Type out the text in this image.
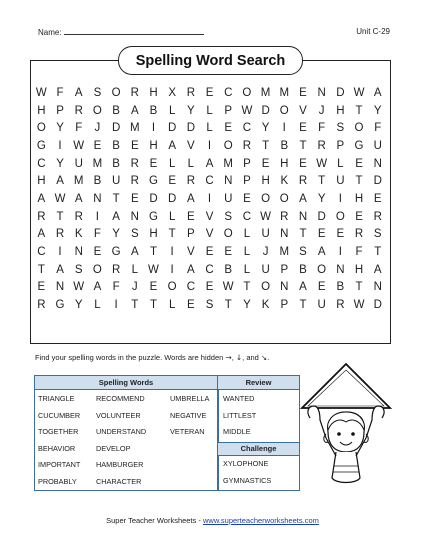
Name:	Unit C-29
Spelling Word Search
W F A S O R H X R E C O M M E N D W A
H P R O B A B	L	Y	L	P W D O V	J	H T Y
O Y F	J	D M	I	D D L	E C Y	I	E F S O F
G	I	W E B E H A V	I	O R T B T R P G U
C Y U M B R E	L	L	A M P E H E W L	E N
H A M B U R G E R C N P H K R T U T D
A W A N T E D D A	I	U E O O A Y	I	H E
R T R	I	A N G L	E V S C W R N D O E R
A R K F Y S H T P V O L U N T E E R S
C	I	N E G A T	I	V E E	L	J M S A	I	F	T
T A S O R L W	I	A C B	L U P B O N H A
E N W A F	J	E O C E W T O N A E B T N
R G Y	L	I	T	T	L	E S T Y K P T U R W D
Find your spelling words in the puzzle. Words are hidden →, ↓, and ↘.
Spelling Words	Review
TRIANGLE
CUCUMBER
TOGETHER
BEHAVIOR
IMPORTANT
PROBABLY
RECOMMEND
VOLUNTEER
UNDERSTAND
DEVELOP
HAMBURGER
CHARACTER
UMBRELLA
NEGATIVE
VETERAN
WANTED
LITTLEST
MIDDLE
Challenge
XYLOPHONE
GYMNASTICS
Super Teacher Worksheets - www.superteacherworksheets.com
